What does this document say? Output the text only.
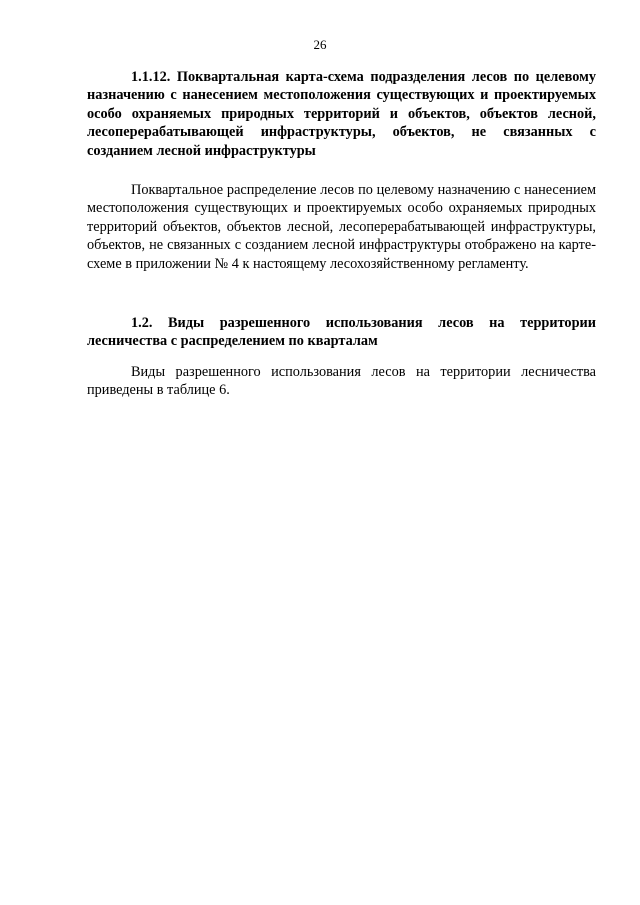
26
1.1.12. Поквартальная карта-схема подразделения лесов по целевому назначению с нанесением местоположения существующих и проектируемых особо охраняемых природных территорий и объектов, объектов лесной, лесоперерабатывающей инфраструктуры, объектов, не связанных с созданием лесной инфраструктуры
Поквартальное распределение лесов по целевому назначению с нанесением местоположения существующих и проектируемых особо охраняемых природных территорий объектов, объектов лесной, лесоперерабатывающей инфраструктуры, объектов, не связанных с созданием лесной инфраструктуры отображено на карте-схеме в приложении № 4 к настоящему лесохозяйственному регламенту.
1.2. Виды разрешенного использования лесов на территории лесничества с распределением по кварталам
Виды разрешенного использования лесов на территории лесничества приведены в таблице 6.
